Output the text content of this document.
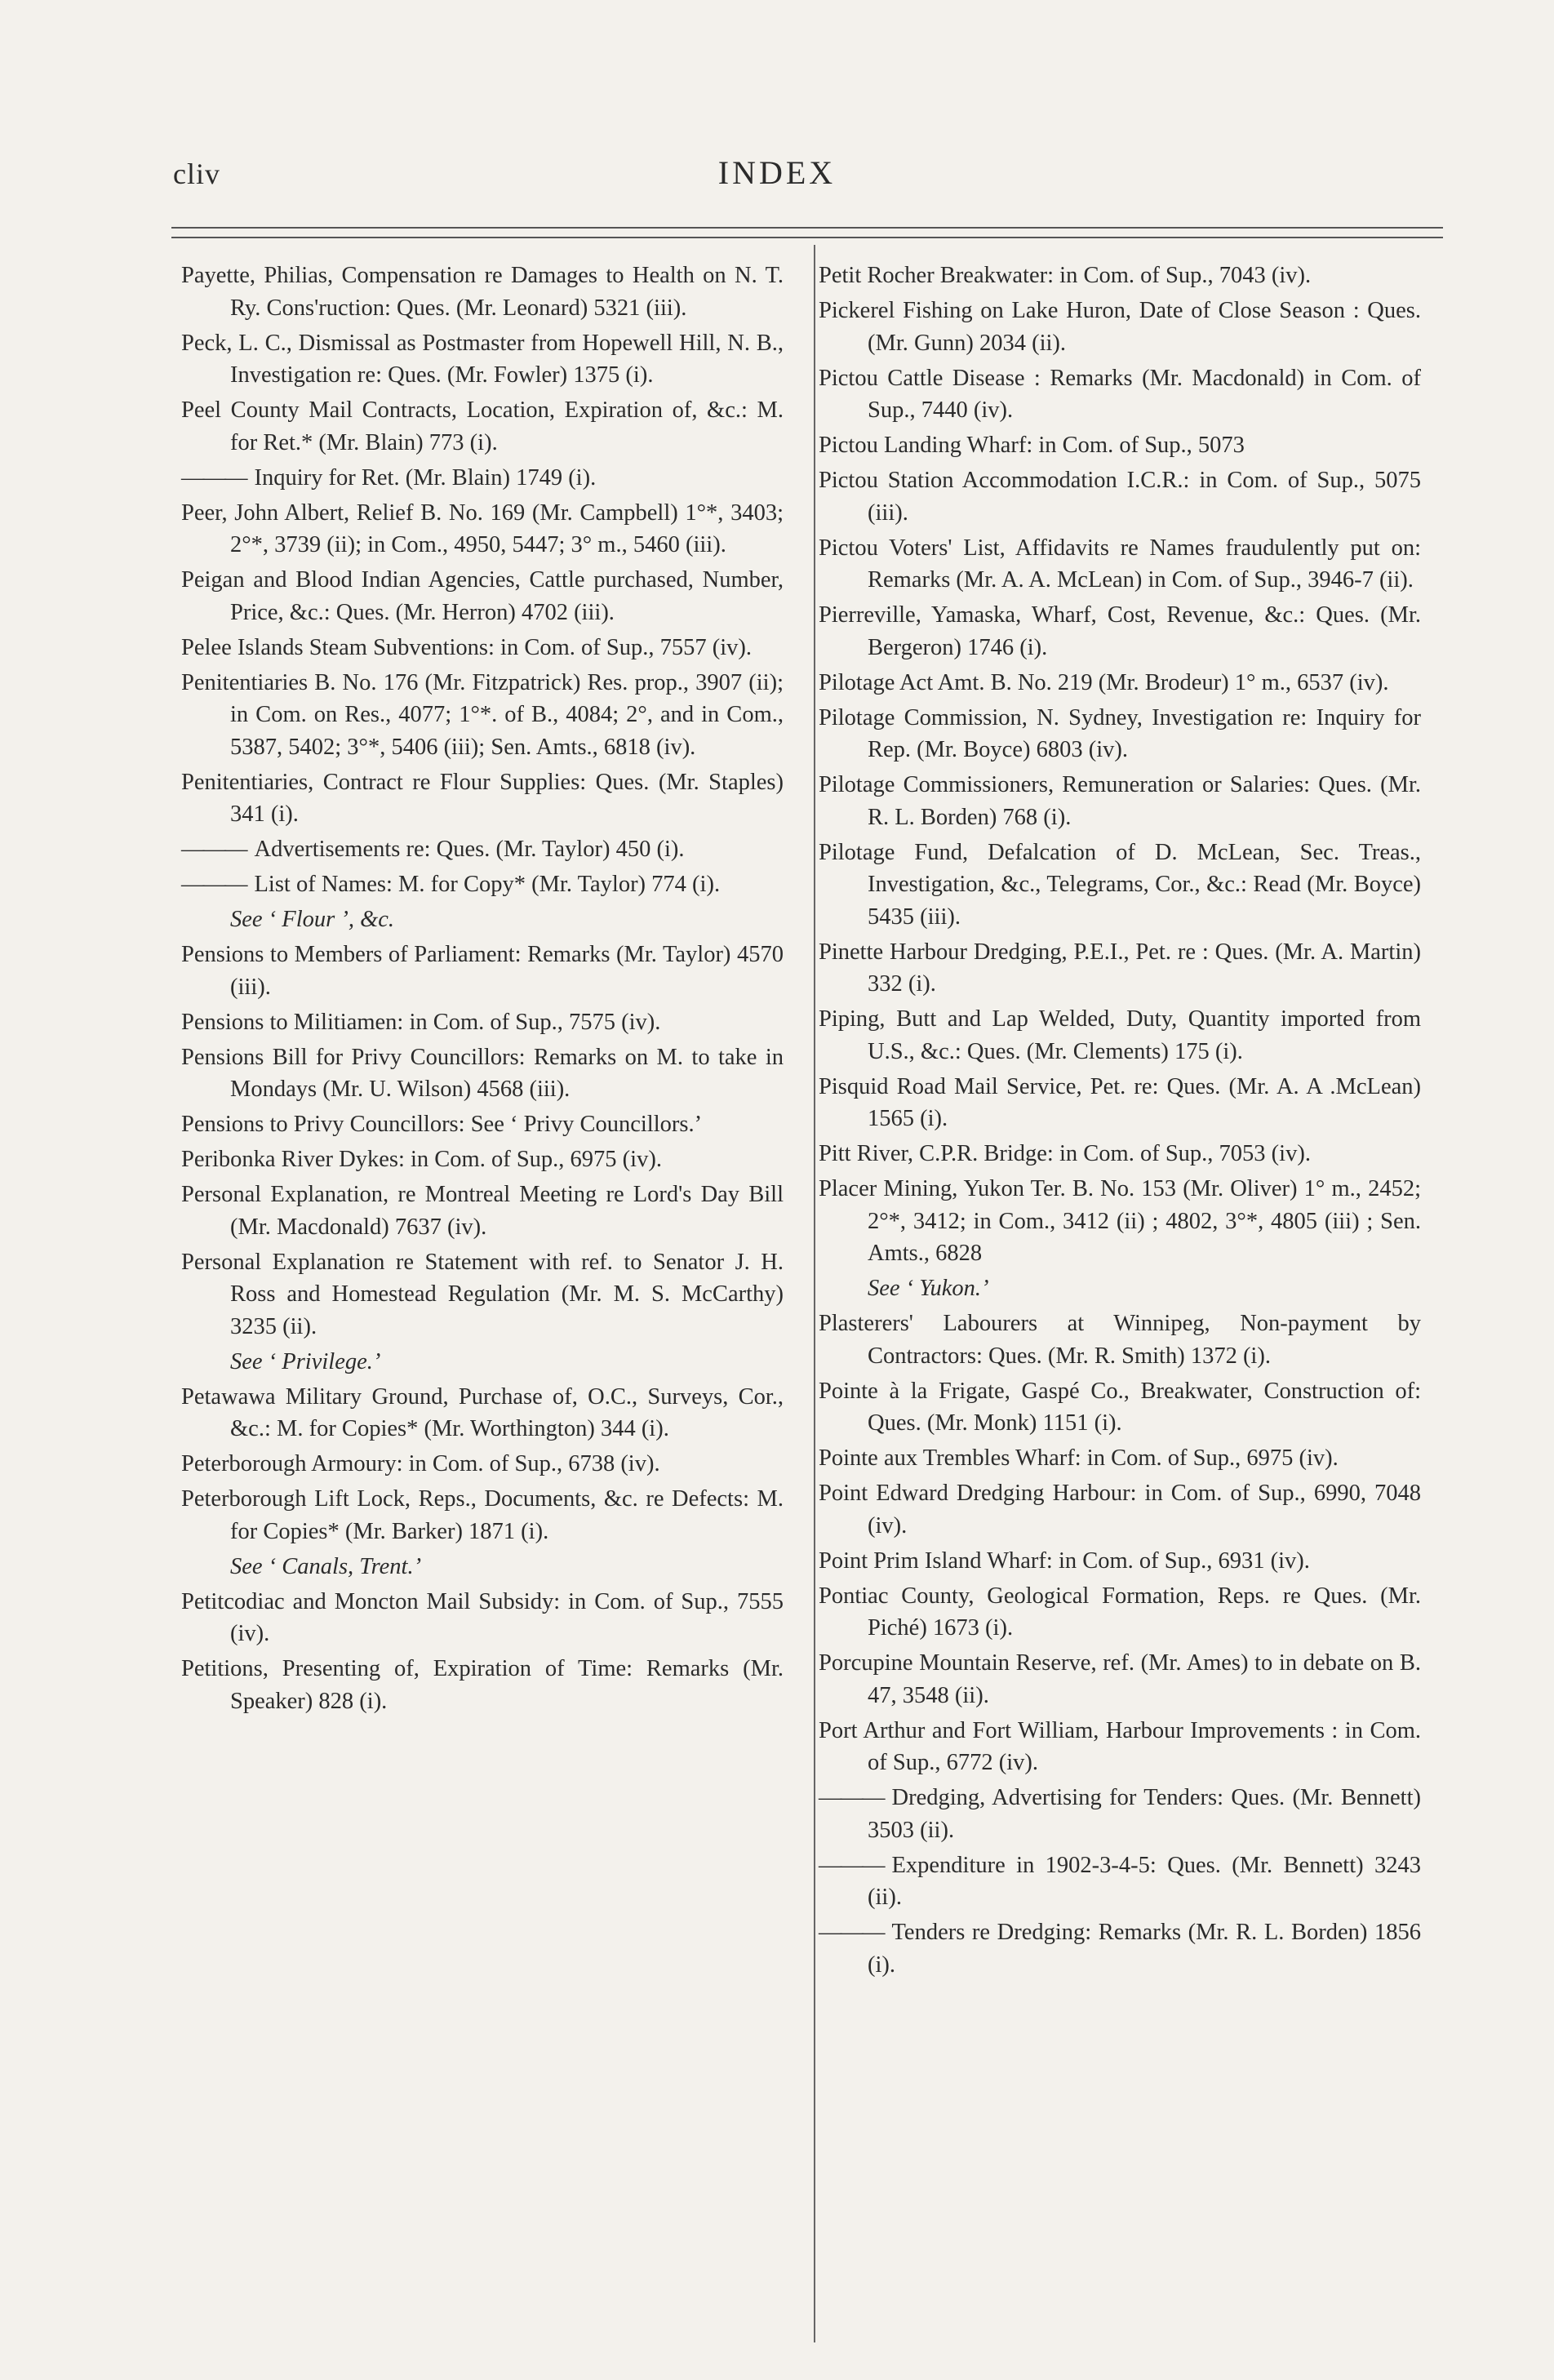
cliv	INDEX

Payette, Philias, Compensation re Damages to Health on N. T. Ry. Cons'ruction: Ques. (Mr. Leonard) 5321 (iii).

Peck, L. C., Dismissal as Postmaster from Hopewell Hill, N. B., Investigation re: Ques. (Mr. Fowler) 1375 (i).

Peel County Mail Contracts, Location, Expiration of, &c.: M. for Ret.* (Mr. Blain) 773 (i).

——— Inquiry for Ret. (Mr. Blain) 1749 (i).

Peer, John Albert, Relief B. No. 169 (Mr. Campbell) 1°*, 3403; 2°*, 3739 (ii); in Com., 4950, 5447; 3° m., 5460 (iii).

Peigan and Blood Indian Agencies, Cattle purchased, Number, Price, &c.: Ques. (Mr. Herron) 4702 (iii).

Pelee Islands Steam Subventions: in Com. of Sup., 7557 (iv).

Penitentiaries B. No. 176 (Mr. Fitzpatrick) Res. prop., 3907 (ii); in Com. on Res., 4077; 1°*. of B., 4084; 2°, and in Com., 5387, 5402; 3°*, 5406 (iii); Sen. Amts., 6818 (iv).

Penitentiaries, Contract re Flour Supplies: Ques. (Mr. Staples) 341 (i).

——— Advertisements re: Ques. (Mr. Taylor) 450 (i).

——— List of Names: M. for Copy* (Mr. Taylor) 774 (i).

See ‘ Flour ’, &c.

Pensions to Members of Parliament: Remarks (Mr. Taylor) 4570 (iii).

Pensions to Militiamen: in Com. of Sup., 7575 (iv).

Pensions Bill for Privy Councillors: Remarks on M. to take in Mondays (Mr. U. Wilson) 4568 (iii).

Pensions to Privy Councillors: See ‘ Privy Councillors.’

Peribonka River Dykes: in Com. of Sup., 6975 (iv).

Personal Explanation, re Montreal Meeting re Lord's Day Bill (Mr. Macdonald) 7637 (iv).

Personal Explanation re Statement with ref. to Senator J. H. Ross and Homestead Regulation (Mr. M. S. McCarthy) 3235 (ii).

See ‘ Privilege.’

Petawawa Military Ground, Purchase of, O.C., Surveys, Cor., &c.: M. for Copies* (Mr. Worthington) 344 (i).

Peterborough Armoury: in Com. of Sup., 6738 (iv).

Peterborough Lift Lock, Reps., Documents, &c. re Defects: M. for Copies* (Mr. Barker) 1871 (i).

See ‘ Canals, Trent.’

Petitcodiac and Moncton Mail Subsidy: in Com. of Sup., 7555 (iv).

Petitions, Presenting of, Expiration of Time: Remarks (Mr. Speaker) 828 (i).

Petit Rocher Breakwater: in Com. of Sup., 7043 (iv).

Pickerel Fishing on Lake Huron, Date of Close Season : Ques. (Mr. Gunn) 2034 (ii).

Pictou Cattle Disease : Remarks (Mr. Macdonald) in Com. of Sup., 7440 (iv).

Pictou Landing Wharf: in Com. of Sup., 5073

Pictou Station Accommodation I.C.R.: in Com. of Sup., 5075 (iii).

Pictou Voters' List, Affidavits re Names fraudulently put on: Remarks (Mr. A. A. McLean) in Com. of Sup., 3946-7 (ii).

Pierreville, Yamaska, Wharf, Cost, Revenue, &c.: Ques. (Mr. Bergeron) 1746 (i).

Pilotage Act Amt. B. No. 219 (Mr. Brodeur) 1° m., 6537 (iv).

Pilotage Commission, N. Sydney, Investigation re: Inquiry for Rep. (Mr. Boyce) 6803 (iv).

Pilotage Commissioners, Remuneration or Salaries: Ques. (Mr. R. L. Borden) 768 (i).

Pilotage Fund, Defalcation of D. McLean, Sec. Treas., Investigation, &c., Telegrams, Cor., &c.: Read (Mr. Boyce) 5435 (iii).

Pinette Harbour Dredging, P.E.I., Pet. re : Ques. (Mr. A. Martin) 332 (i).

Piping, Butt and Lap Welded, Duty, Quantity imported from U.S., &c.: Ques. (Mr. Clements) 175 (i).

Pisquid Road Mail Service, Pet. re: Ques. (Mr. A. A .McLean) 1565 (i).

Pitt River, C.P.R. Bridge: in Com. of Sup., 7053 (iv).

Placer Mining, Yukon Ter. B. No. 153 (Mr. Oliver) 1° m., 2452; 2°*, 3412; in Com., 3412 (ii) ; 4802, 3°*, 4805 (iii) ; Sen. Amts., 6828

See ‘ Yukon.’

Plasterers' Labourers at Winnipeg, Non-payment by Contractors: Ques. (Mr. R. Smith) 1372 (i).

Pointe à la Frigate, Gaspé Co., Breakwater, Construction of: Ques. (Mr. Monk) 1151 (i).

Pointe aux Trembles Wharf: in Com. of Sup., 6975 (iv).

Point Edward Dredging Harbour: in Com. of Sup., 6990, 7048 (iv).

Point Prim Island Wharf: in Com. of Sup., 6931 (iv).

Pontiac County, Geological Formation, Reps. re Ques. (Mr. Piché) 1673 (i).

Porcupine Mountain Reserve, ref. (Mr. Ames) to in debate on B. 47, 3548 (ii).

Port Arthur and Fort William, Harbour Improvements : in Com. of Sup., 6772 (iv).

——— Dredging, Advertising for Tenders: Ques. (Mr. Bennett) 3503 (ii).

——— Expenditure in 1902-3-4-5: Ques. (Mr. Bennett) 3243 (ii).

——— Tenders re Dredging: Remarks (Mr. R. L. Borden) 1856 (i).
